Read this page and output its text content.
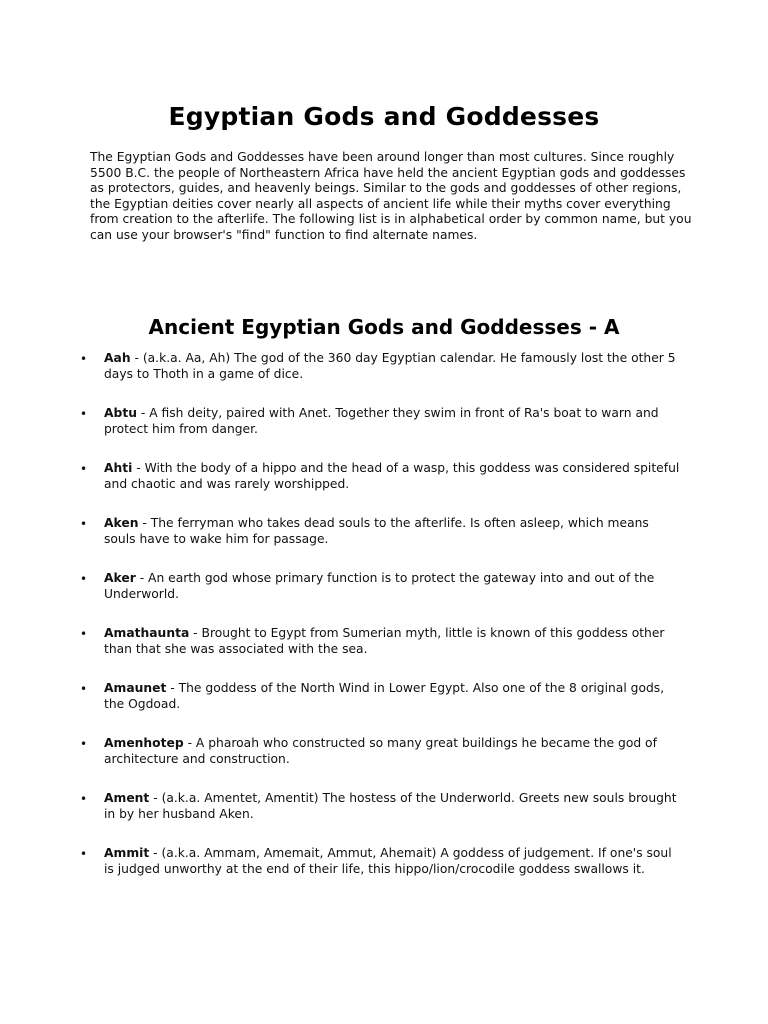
Egyptian Gods and Goddesses

The Egyptian Gods and Goddesses have been around longer than most cultures. Since roughly 5500 B.C. the people of Northeastern Africa have held the ancient Egyptian gods and goddesses as protectors, guides, and heavenly beings. Similar to the gods and goddesses of other regions, the Egyptian deities cover nearly all aspects of ancient life while their myths cover everything from creation to the afterlife. The following list is in alphabetical order by common name, but you can use your browser's "find" function to find alternate names.

Ancient Egyptian Gods and Goddesses - A
• Aah - (a.k.a. Aa, Ah) The god of the 360 day Egyptian calendar. He famously lost the other 5 days to Thoth in a game of dice.
• Abtu - A fish deity, paired with Anet. Together they swim in front of Ra's boat to warn and protect him from danger.
• Ahti - With the body of a hippo and the head of a wasp, this goddess was considered spiteful and chaotic and was rarely worshipped.
• Aken - The ferryman who takes dead souls to the afterlife. Is often asleep, which means souls have to wake him for passage.
• Aker - An earth god whose primary function is to protect the gateway into and out of the Underworld.
• Amathaunta - Brought to Egypt from Sumerian myth, little is known of this goddess other than that she was associated with the sea.
• Amaunet - The goddess of the North Wind in Lower Egypt. Also one of the 8 original gods, the Ogdoad.
• Amenhotep - A pharoah who constructed so many great buildings he became the god of architecture and construction.
• Ament - (a.k.a. Amentet, Amentit) The hostess of the Underworld. Greets new souls brought in by her husband Aken.
• Ammit - (a.k.a. Ammam, Amemait, Ammut, Ahemait) A goddess of judgement. If one's soul is judged unworthy at the end of their life, this hippo/lion/crocodile goddess swallows it.
